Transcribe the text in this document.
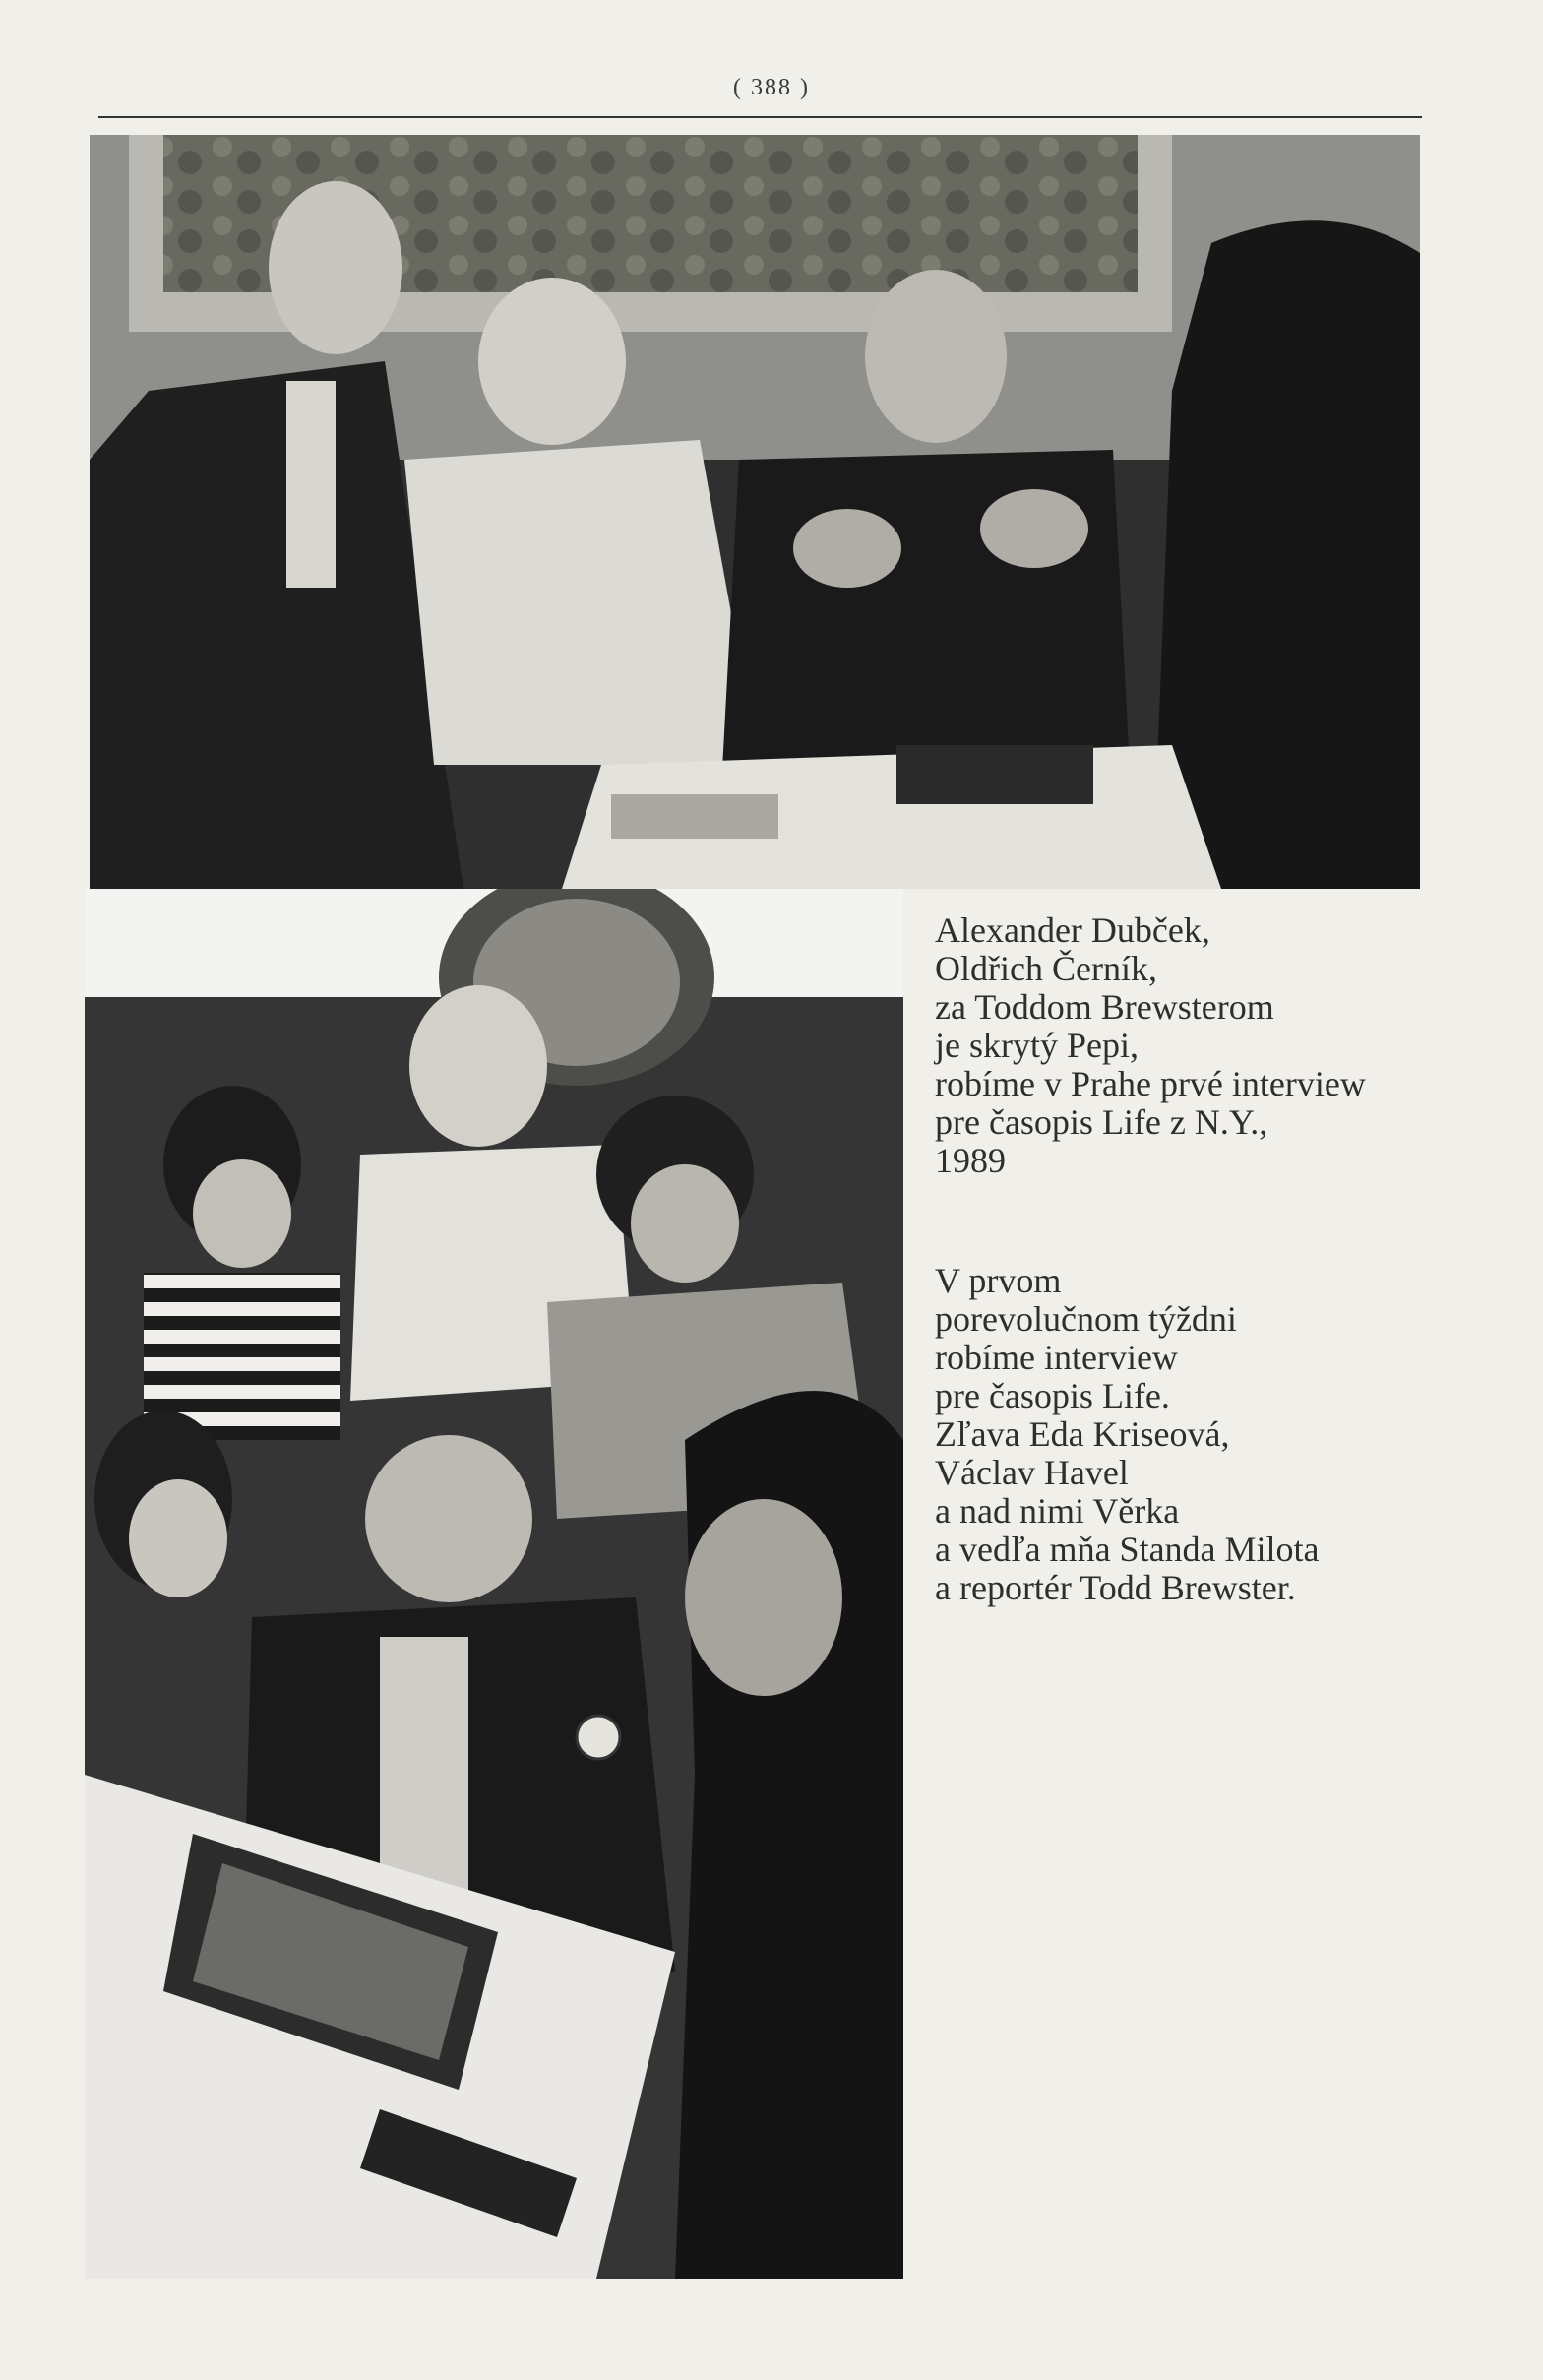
( 388 )
Alexander Dubček,
Oldřich Černík,
za Toddom Brewsterom
je skrytý Pepi,
robíme v Prahe prvé interview
pre časopis Life z N.Y.,
1989
V prvom
porevolučnom týždni
robíme interview
pre časopis Life.
Zľava Eda Kriseová,
Václav Havel
a nad nimi Věrka
a vedľa mňa Standa Milota
a reportér Todd Brewster.
